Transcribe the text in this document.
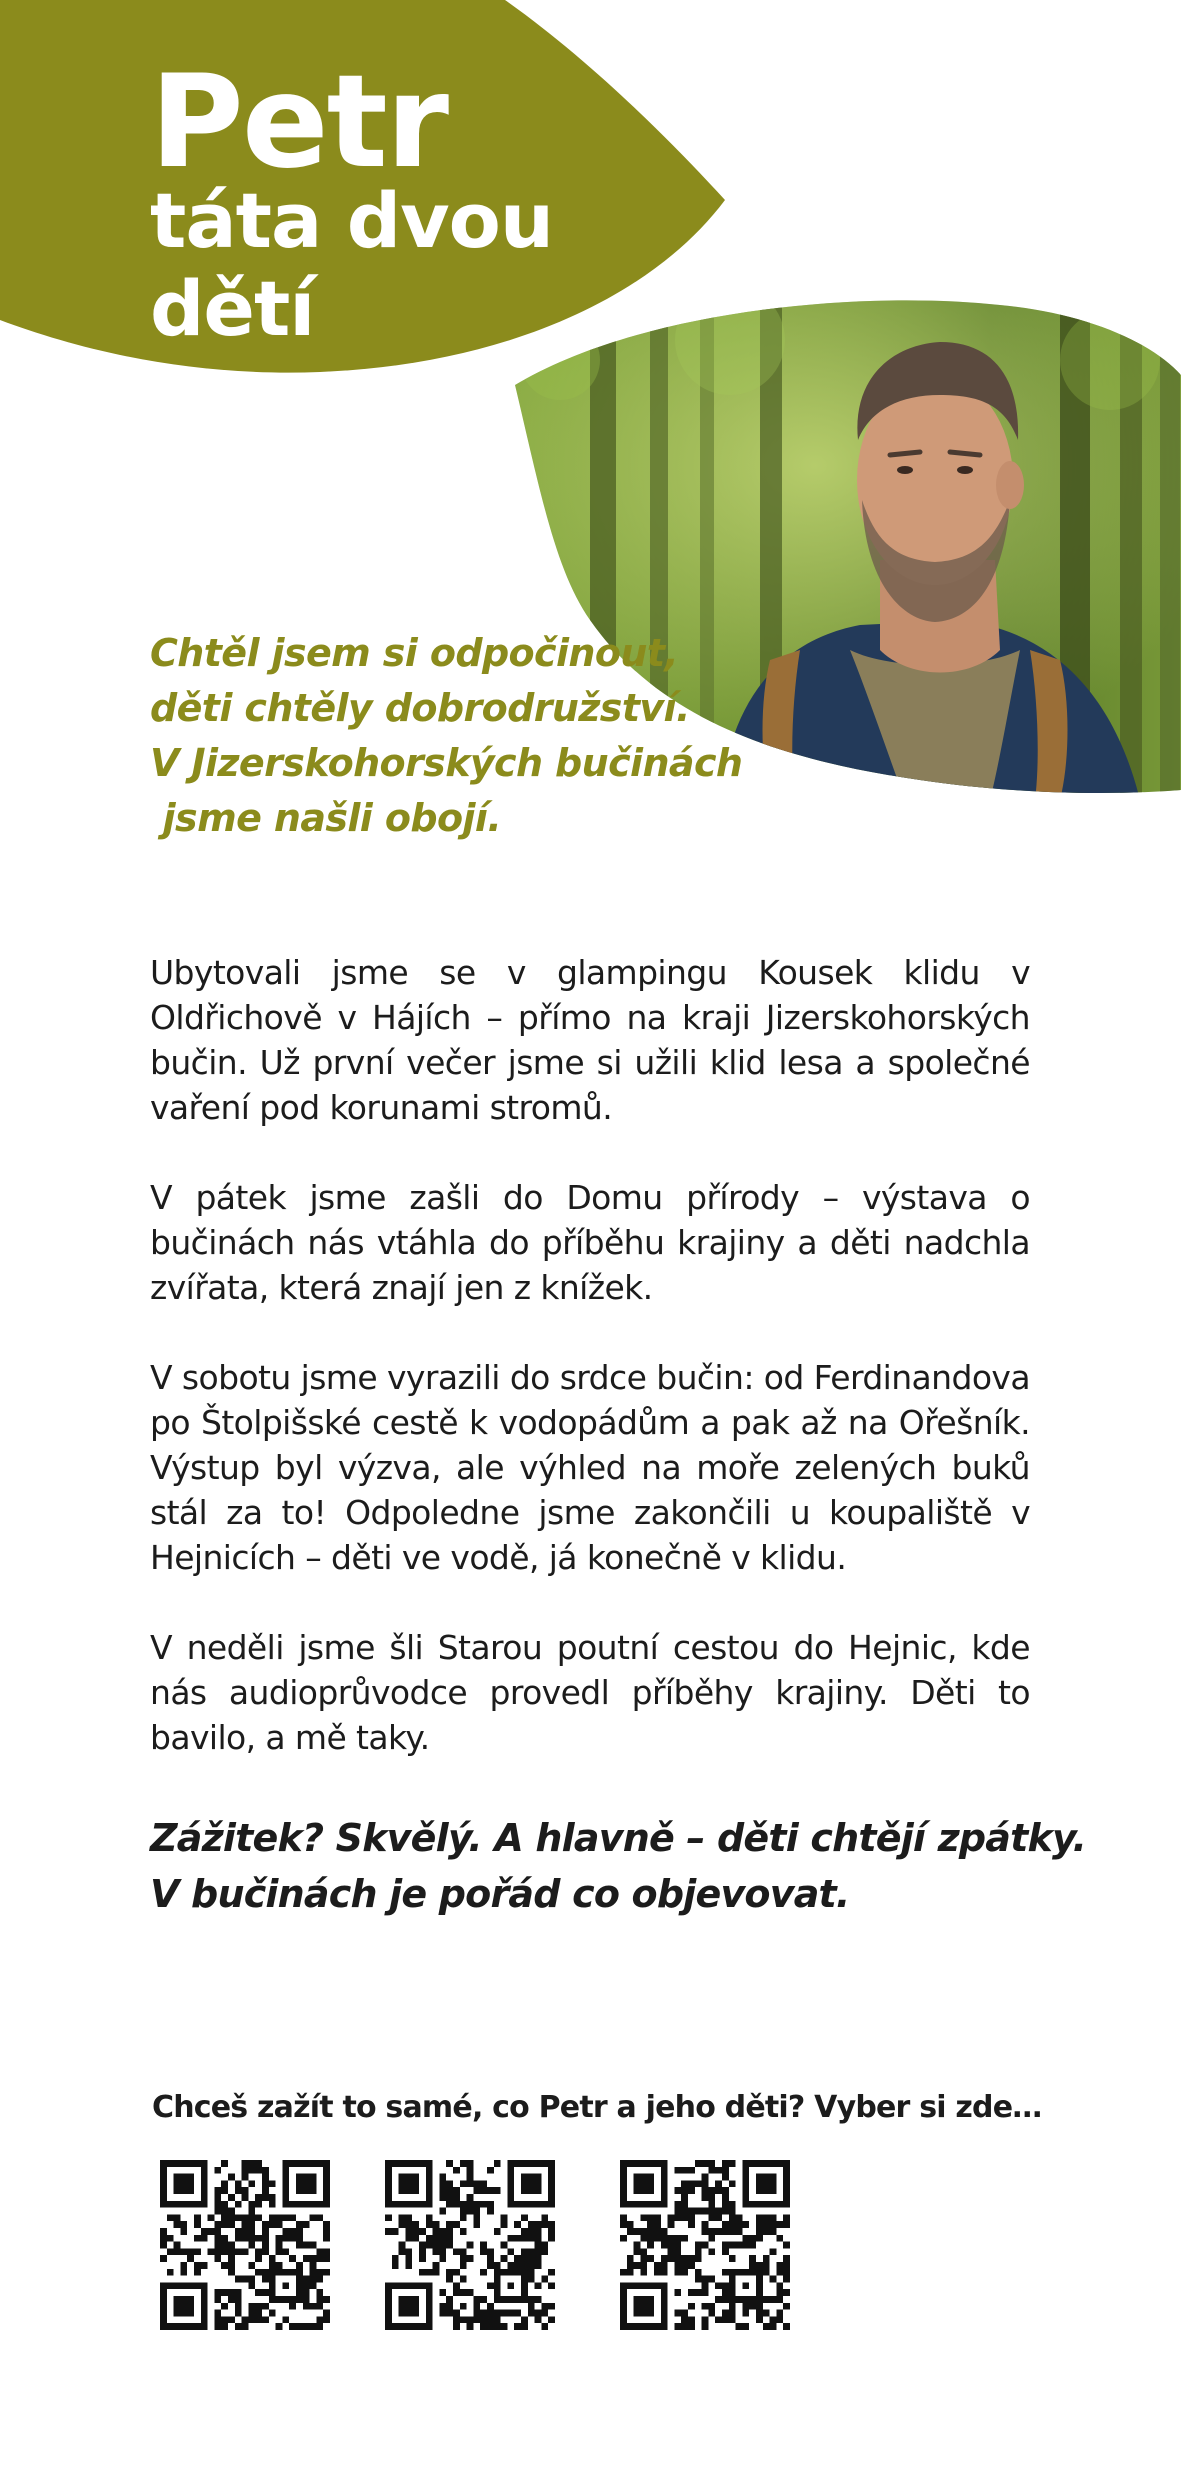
Petr
táta dvou
dětí
Chtěl jsem si odpočinout,
děti chtěly dobrodružství.
V Jizerskohorských bučinách
jsme našli obojí.

Ubytovali jsme se v glampingu Kousek klidu v Oldřichově v Hájích – přímo na kraji Jizerskohorských bučin. Už první večer jsme si užili klid lesa a společné vaření pod korunami stromů.

V pátek jsme zašli do Domu přírody – výstava o bučinách nás vtáhla do příběhu krajiny a děti nadchla zvířata, která znají jen z knížek.

V sobotu jsme vyrazili do srdce bučin: od Ferdinandova po Štolpišské cestě k vodopádům a pak až na Ořešník. Výstup byl výzva, ale výhled na moře zelených buků stál za to! Odpoledne jsme zakončili u koupaliště v Hejnicích – děti ve vodě, já konečně v klidu.

V neděli jsme šli Starou poutní cestou do Hejnic, kde nás audioprůvodce provedl příběhy krajiny. Děti to bavilo, a mě taky.

Zážitek? Skvělý. A hlavně – děti chtějí zpátky.
V bučinách je pořád co objevovat.
Chceš zažít to samé, co Petr a jeho děti? Vyber si zde…
